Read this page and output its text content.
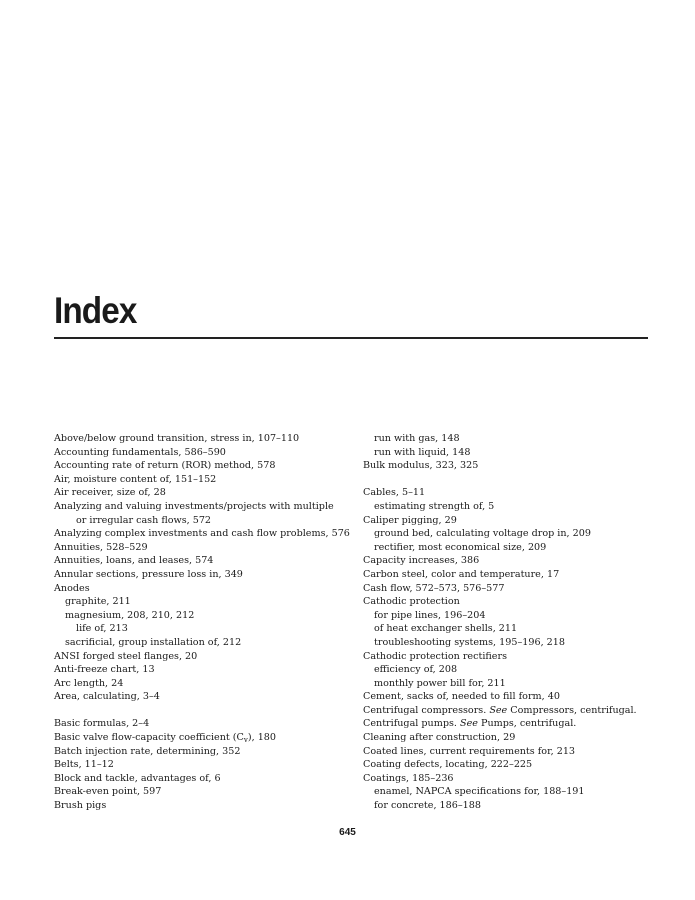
Index
Above/below ground transition, stress in, 107–110
Accounting fundamentals, 586–590
Accounting rate of return (ROR) method, 578
Air, moisture content of, 151–152
Air receiver, size of, 28
Analyzing and valuing investments/projects with multiple
or irregular cash flows, 572
Analyzing complex investments and cash flow problems, 576
Annuities, 528–529
Annuities, loans, and leases, 574
Annular sections, pressure loss in, 349
Anodes
graphite, 211
magnesium, 208, 210, 212
life of, 213
sacrificial, group installation of, 212
ANSI forged steel flanges, 20
Anti-freeze chart, 13
Arc length, 24
Area, calculating, 3–4
Basic formulas, 2–4
Basic valve flow-capacity coefficient $(C_v)$, 180
Batch injection rate, determining, 352
Belts, 11–12
Block and tackle, advantages of, 6
Break-even point, 597
Brush pigs
run with gas, 148
run with liquid, 148
Bulk modulus, 323, 325
Cables, 5–11
estimating strength of, 5
Caliper pigging, 29
ground bed, calculating voltage drop in, 209
rectifier, most economical size, 209
Capacity increases, 386
Carbon steel, color and temperature, 17
Cash flow, 572–573, 576–577
Cathodic protection
for pipe lines, 196–204
of heat exchanger shells, 211
troubleshooting systems, 195–196, 218
Cathodic protection rectifiers
efficiency of, 208
monthly power bill for, 211
Cement, sacks of, needed to fill form, 40
Centrifugal compressors. See Compressors, centrifugal.
Centrifugal pumps. See Pumps, centrifugal.
Cleaning after construction, 29
Coated lines, current requirements for, 213
Coating defects, locating, 222–225
Coatings, 185–236
enamel, NAPCA specifications for, 188–191
for concrete, 186–188
645
